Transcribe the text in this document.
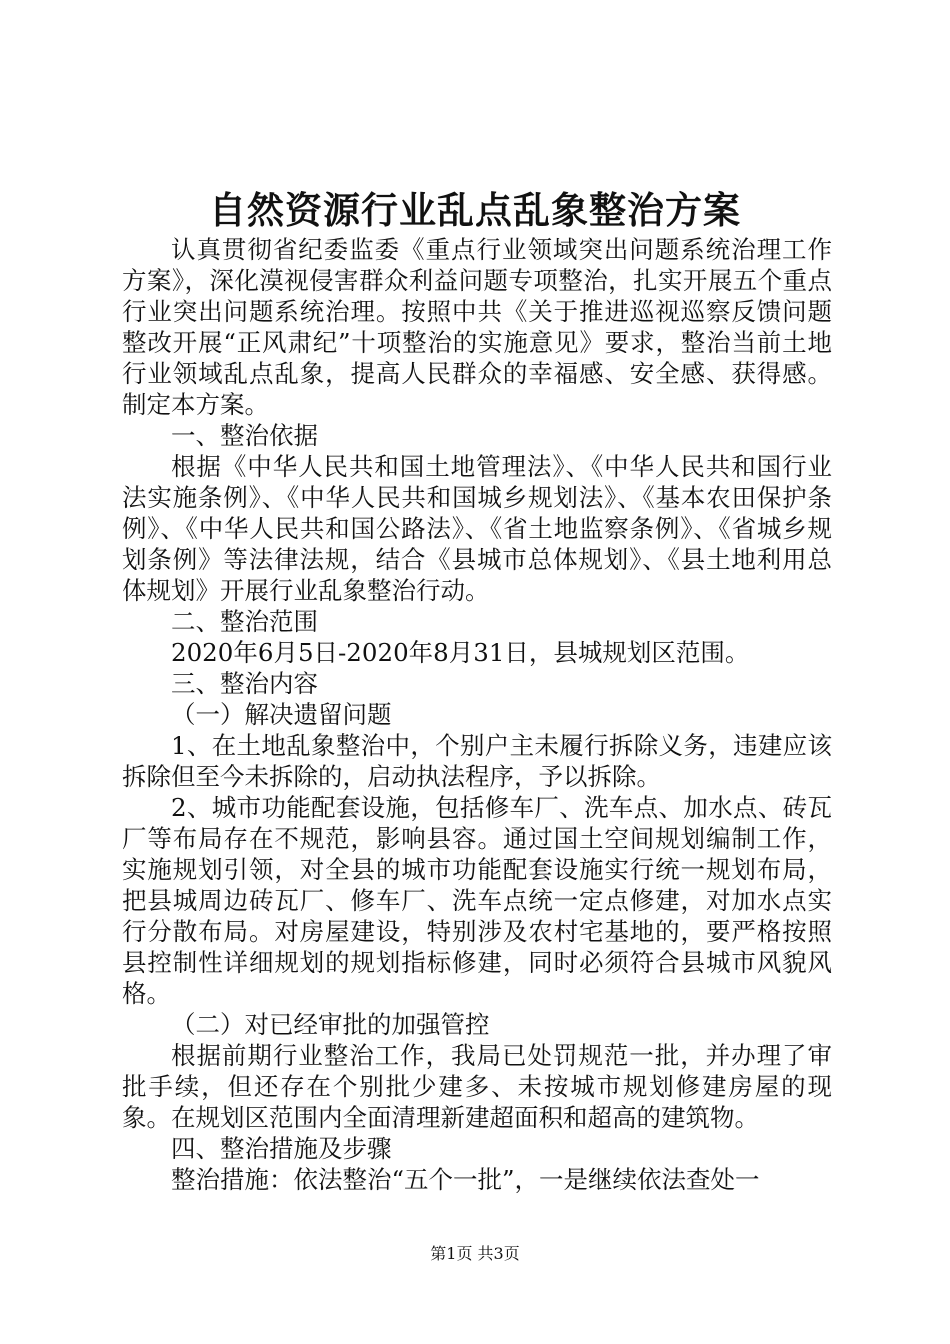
自然资源行业乱点乱象整治方案

认真贯彻省纪委监委《重点行业领域突出问题系统治理工作方案》，深化漠视侵害群众利益问题专项整治，扎实开展五个重点行业突出问题系统治理。按照中共《关于推进巡视巡察反馈问题整改开展“正风肃纪”十项整治的实施意见》要求，整治当前土地行业领域乱点乱象，提高人民群众的幸福感、安全感、获得感。制定本方案。

一、整治依据

根据《中华人民共和国土地管理法》、《中华人民共和国行业法实施条例》、《中华人民共和国城乡规划法》、《基本农田保护条例》、《中华人民共和国公路法》、《省土地监察条例》、《省城乡规划条例》等法律法规，结合《县城市总体规划》、《县土地利用总体规划》开展行业乱象整治行动。

二、整治范围

2020年6月5日-2020年8月31日，县城规划区范围。

三、整治内容

（一）解决遗留问题

1、在土地乱象整治中，个别户主未履行拆除义务，违建应该拆除但至今未拆除的，启动执法程序，予以拆除。

2、城市功能配套设施，包括修车厂、洗车点、加水点、砖瓦厂等布局存在不规范，影响县容。通过国土空间规划编制工作，实施规划引领，对全县的城市功能配套设施实行统一规划布局，把县城周边砖瓦厂、修车厂、洗车点统一定点修建，对加水点实行分散布局。对房屋建设，特别涉及农村宅基地的，要严格按照县控制性详细规划的规划指标修建，同时必须符合县城市风貌风格。

（二）对已经审批的加强管控

根据前期行业整治工作，我局已处罚规范一批，并办理了审批手续，但还存在个别批少建多、未按城市规划修建房屋的现象。在规划区范围内全面清理新建超面积和超高的建筑物。

四、整治措施及步骤

整治措施：依法整治“五个一批”，一是继续依法查处一

第1页 共3页
